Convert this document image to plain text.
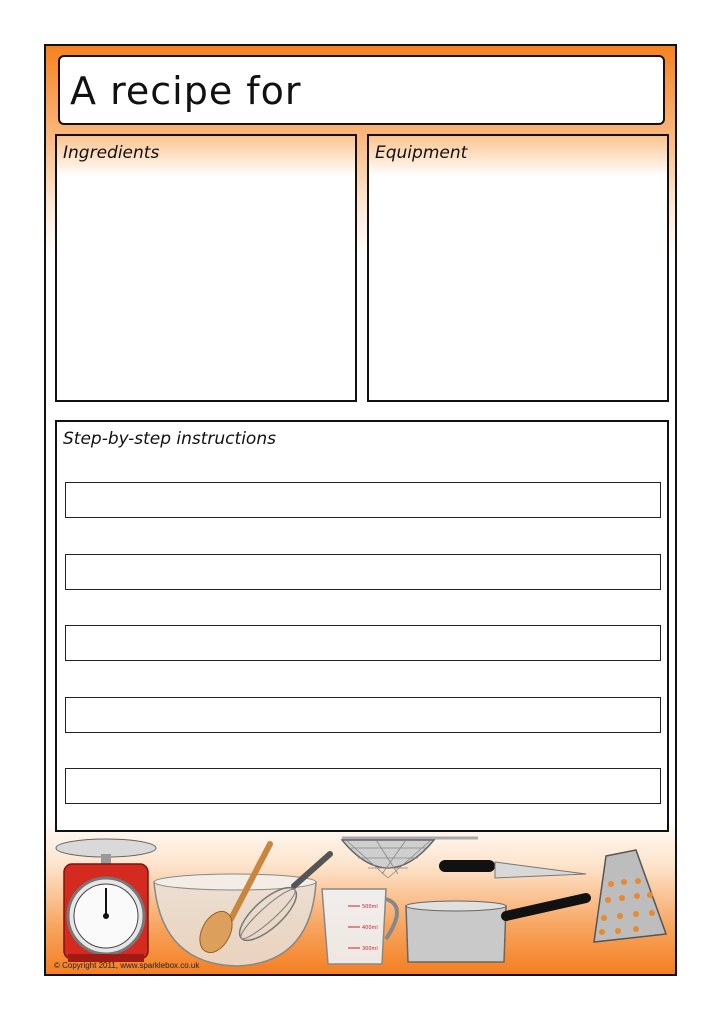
A recipe for
Ingredients	Equipment
Step-by-step instructions
500ml
400ml
300ml
© Copyright 2011, www.sparklebox.co.uk
